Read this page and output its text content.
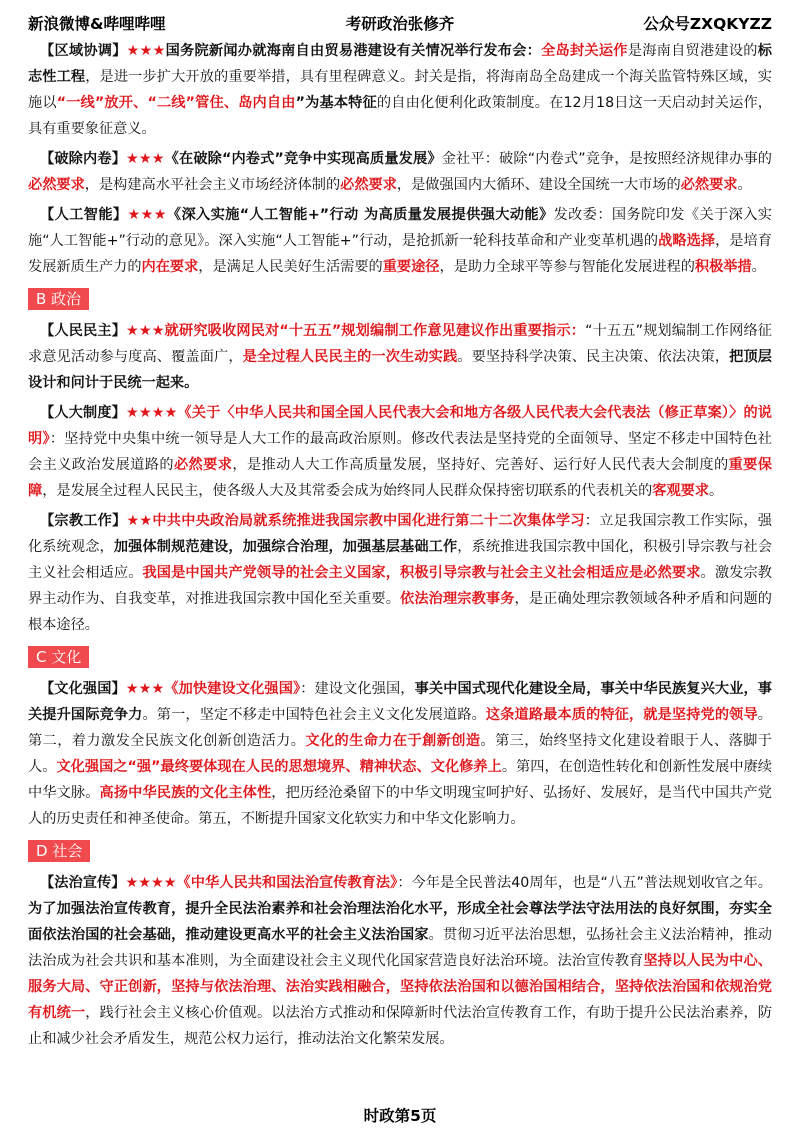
新浪微博&哔哩哔哩	考研政治张修齐	公众号ZXQKYZZ

【区域协调】★★★国务院新闻办就海南自由贸易港建设有关情况举行发布会：全岛封关运作是海南自贸港建设的标志性工程，是进一步扩大开放的重要举措，具有里程碑意义。封关是指，将海南岛全岛建成一个海关监管特殊区域，实施以“一线”放开、“二线”管住、岛内自由”为基本特征的自由化便利化政策制度。在12月18日这一天启动封关运作，具有重要象征意义。

【破除内卷】★★★《在破除“内卷式”竞争中实现高质量发展》金社平：破除“内卷式”竞争，是按照经济规律办事的必然要求，是构建高水平社会主义市场经济体制的必然要求，是做强国内大循环、建设全国统一大市场的必然要求。

【人工智能】★★★《深入实施“人工智能+”行动 为高质量发展提供强大动能》发改委：国务院印发《关于深入实施“人工智能+”行动的意见》。深入实施“人工智能+”行动，是抢抓新一轮科技革命和产业变革机遇的战略选择，是培育发展新质生产力的内在要求，是满足人民美好生活需要的重要途径，是助力全球平等参与智能化发展进程的积极举措。

B 政治

【人民民主】★★★就研究吸收网民对“十五五”规划编制工作意见建议作出重要指示：“十五五”规划编制工作网络征求意见活动参与度高、覆盖面广，是全过程人民民主的一次生动实践。要坚持科学决策、民主决策、依法决策，把顶层设计和问计于民统一起来。

【人大制度】★★★★《关于〈中华人民共和国全国人民代表大会和地方各级人民代表大会代表法（修正草案）〉的说明》：坚持党中央集中统一领导是人大工作的最高政治原则。修改代表法是坚持党的全面领导、坚定不移走中国特色社会主义政治发展道路的必然要求，是推动人大工作高质量发展，坚持好、完善好、运行好人民代表大会制度的重要保障，是发展全过程人民民主，使各级人大及其常委会成为始终同人民群众保持密切联系的代表机关的客观要求。

【宗教工作】★★中共中央政治局就系统推进我国宗教中国化进行第二十二次集体学习：立足我国宗教工作实际，强化系统观念，加强体制规范建设，加强综合治理，加强基层基础工作，系统推进我国宗教中国化，积极引导宗教与社会主义社会相适应。我国是中国共产党领导的社会主义国家，积极引导宗教与社会主义社会相适应是必然要求。激发宗教界主动作为、自我变革，对推进我国宗教中国化至关重要。依法治理宗教事务，是正确处理宗教领域各种矛盾和问题的根本途径。

C 文化

【文化强国】★★★《加快建设文化强国》：建设文化强国，事关中国式现代化建设全局，事关中华民族复兴大业，事关提升国际竞争力。第一，坚定不移走中国特色社会主义文化发展道路。这条道路最本质的特征，就是坚持党的领导。第二，着力激发全民族文化创新创造活力。文化的生命力在于創新创造。第三，始终坚持文化建设着眼于人、落脚于人。文化强国之“强”最终要体现在人民的思想境界、精神状态、文化修养上。第四，在创造性转化和创新性发展中赓续中华文脉。高扬中华民族的文化主体性，把历经沧桑留下的中华文明瑰宝呵护好、弘扬好、发展好，是当代中国共产党人的历史责任和神圣使命。第五，不断提升国家文化软实力和中华文化影响力。

D 社会

【法治宣传】★★★★《中华人民共和国法治宣传教育法》：今年是全民普法40周年，也是“八五”普法规划收官之年。为了加强法治宣传教育，提升全民法治素养和社会治理法治化水平，形成全社会尊法学法守法用法的良好氛围，夯实全面依法治国的社会基础，推动建设更高水平的社会主义法治国家。贯彻习近平法治思想，弘扬社会主义法治精神，推动法治成为社会共识和基本准则，为全面建设社会主义现代化国家营造良好法治环境。法治宣传教育坚持以人民为中心、服务大局、守正创新，坚持与依法治理、法治实践相融合，坚持依法治国和以德治国相结合，坚持依法治国和依规治党有机统一，践行社会主义核心价值观。以法治方式推动和保障新时代法治宣传教育工作，有助于提升公民法治素养，防止和减少社会矛盾发生，规范公权力运行，推动法治文化繁荣发展。

时政第5页
